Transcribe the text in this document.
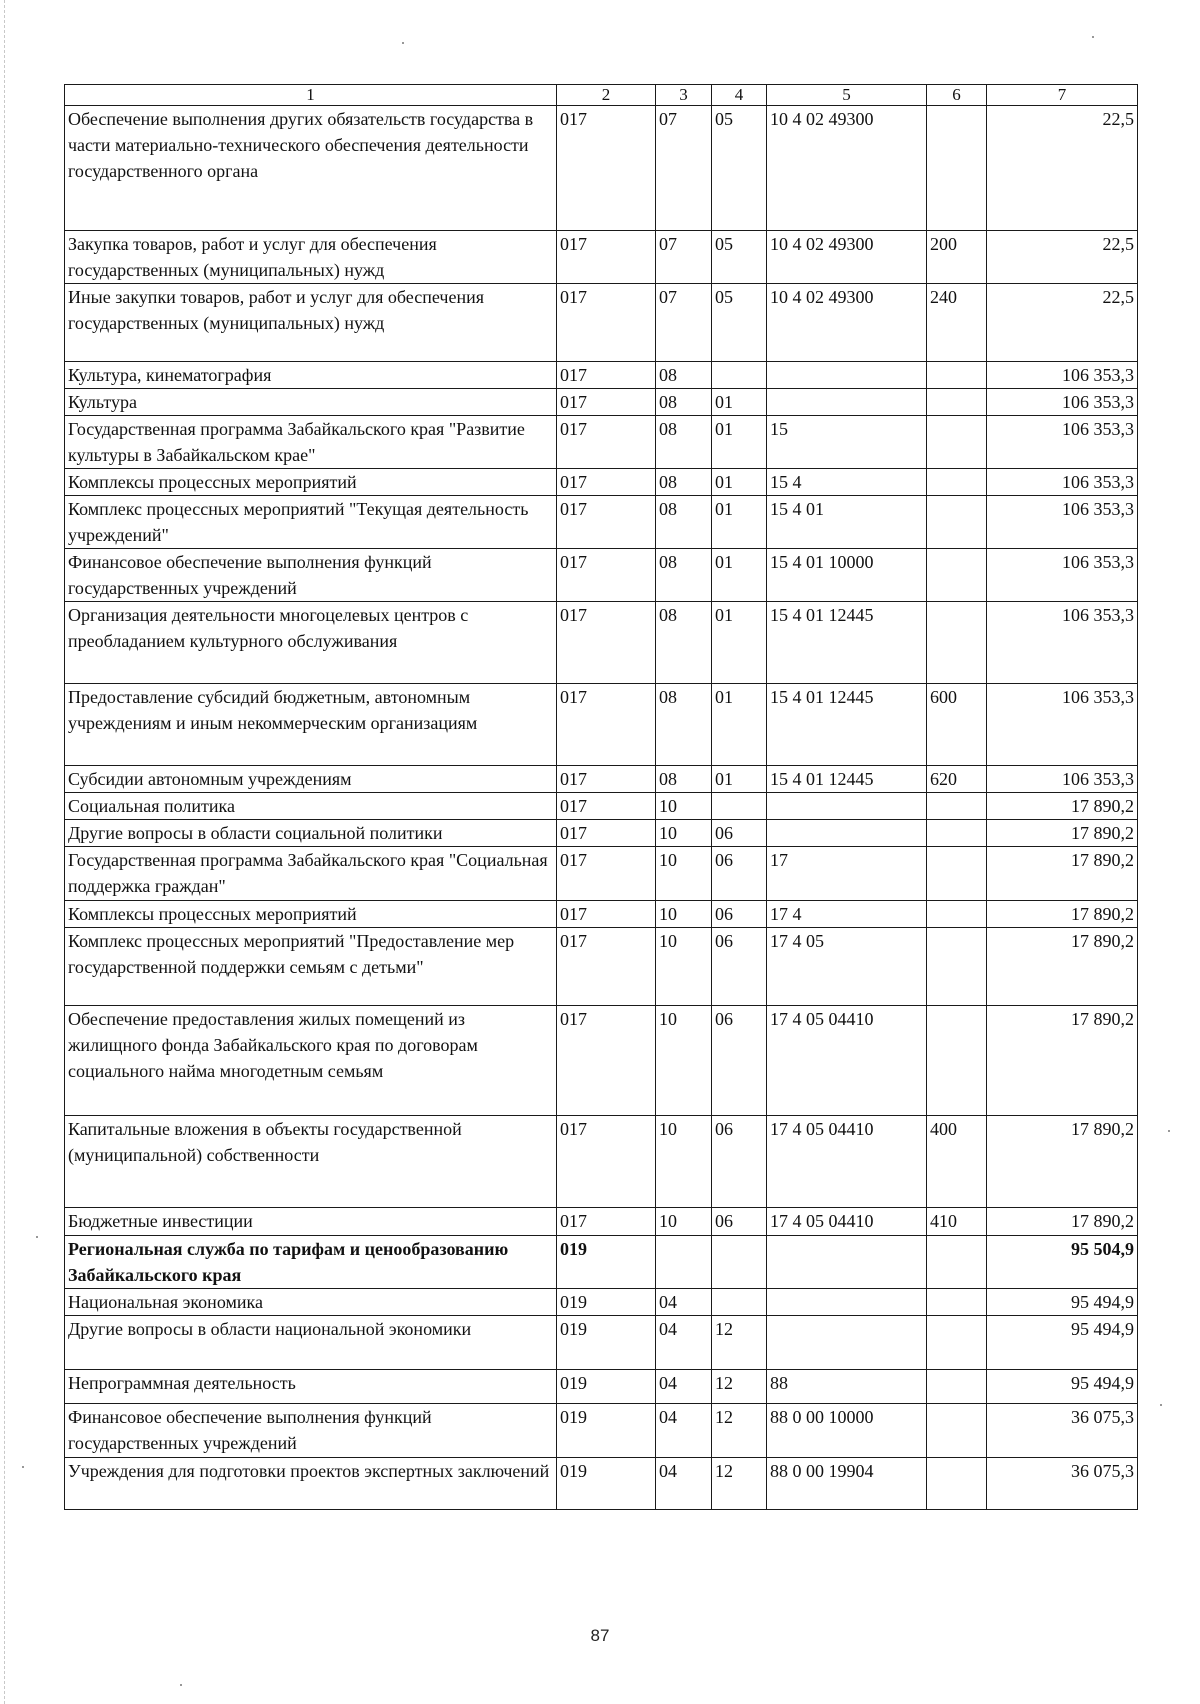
1	2	3	4	5	6	7
Обеспечение выполнения других обязательств государства в части материально-технического обеспечения деятельности государственного органа	017	07	05	10 4 02 49300		22,5
Закупка товаров, работ и услуг для обеспечения государственных (муниципальных) нужд	017	07	05	10 4 02 49300	200	22,5
Иные закупки товаров, работ и услуг для обеспечения государственных (муниципальных) нужд	017	07	05	10 4 02 49300	240	22,5
Культура, кинематография	017	08				106 353,3
Культура	017	08	01			106 353,3
Государственная программа Забайкальского края "Развитие культуры в Забайкальском крае"	017	08	01	15		106 353,3
Комплексы процессных мероприятий	017	08	01	15 4		106 353,3
Комплекс процессных мероприятий "Текущая деятельность учреждений"	017	08	01	15 4 01		106 353,3
Финансовое обеспечение выполнения функций государственных учреждений	017	08	01	15 4 01 10000		106 353,3
Организация деятельности многоцелевых центров с преобладанием культурного обслуживания	017	08	01	15 4 01 12445		106 353,3
Предоставление субсидий бюджетным, автономным учреждениям и иным некоммерческим организациям	017	08	01	15 4 01 12445	600	106 353,3
Субсидии автономным учреждениям	017	08	01	15 4 01 12445	620	106 353,3
Социальная политика	017	10				17 890,2
Другие вопросы в области социальной политики	017	10	06			17 890,2
Государственная программа Забайкальского края "Социальная поддержка граждан"	017	10	06	17		17 890,2
Комплексы процессных мероприятий	017	10	06	17 4		17 890,2
Комплекс процессных мероприятий "Предоставление мер государственной поддержки семьям с детьми"	017	10	06	17 4 05		17 890,2
Обеспечение предоставления жилых помещений из жилищного фонда Забайкальского края по договорам социального найма многодетным семьям	017	10	06	17 4 05 04410		17 890,2
Капитальные вложения в объекты государственной (муниципальной) собственности	017	10	06	17 4 05 04410	400	17 890,2
Бюджетные инвестиции	017	10	06	17 4 05 04410	410	17 890,2
Региональная служба по тарифам и ценообразованию Забайкальского края	019					95 504,9
Национальная экономика	019	04				95 494,9
Другие вопросы в области национальной экономики	019	04	12			95 494,9
Непрограммная деятельность	019	04	12	88		95 494,9
Финансовое обеспечение выполнения функций государственных учреждений	019	04	12	88 0 00 10000		36 075,3
Учреждения для подготовки проектов экспертных заключений	019	04	12	88 0 00 19904		36 075,3
87
